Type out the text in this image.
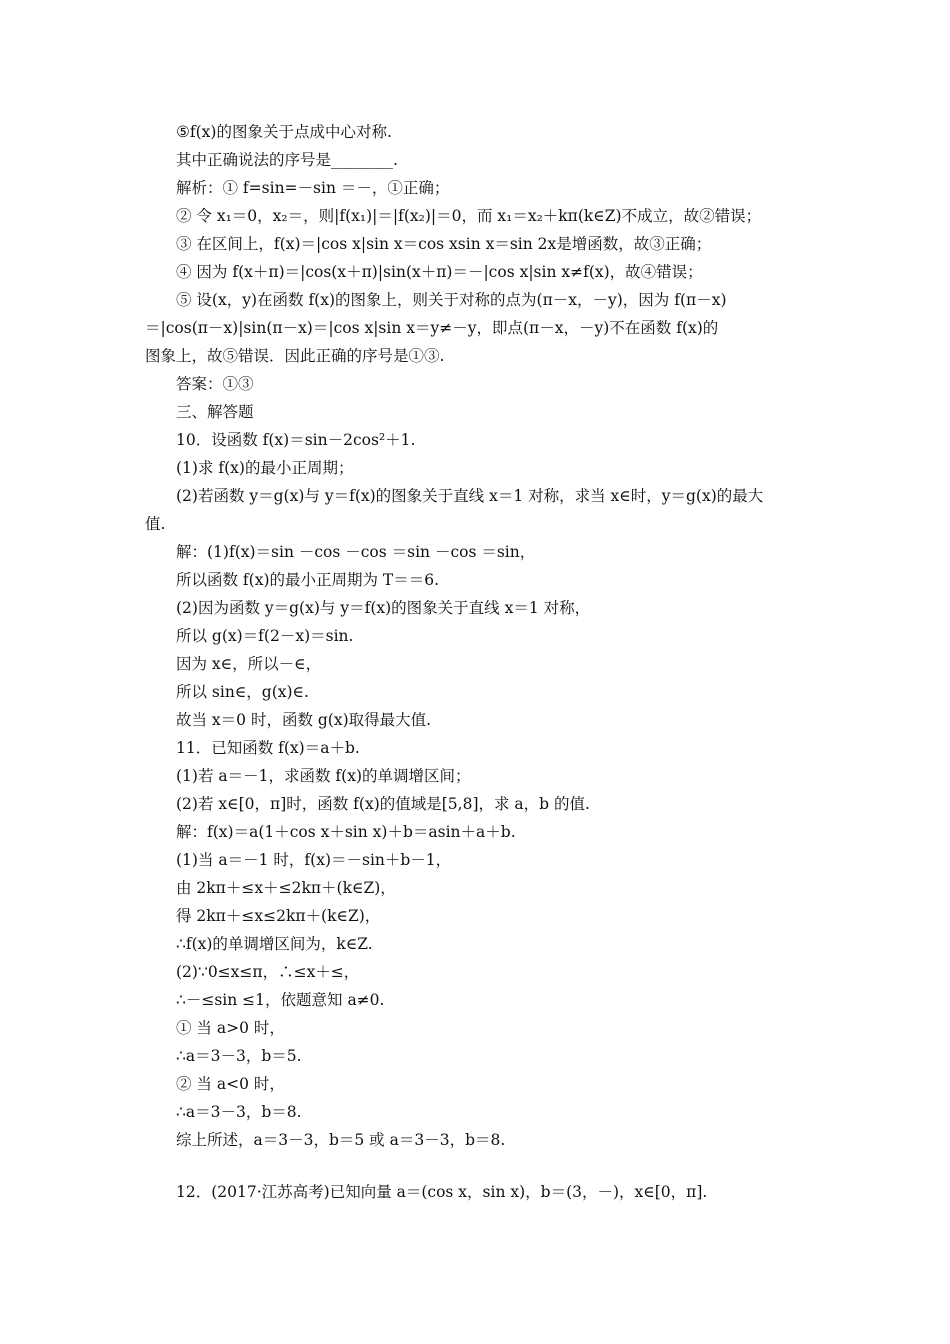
⑤f(x)的图象关于点成中心对称.
其中正确说法的序号是________.
解析：① f=sin=－sin ＝－，①正确；
② 令 x₁＝0，x₂＝，则|f(x₁)|＝|f(x₂)|＝0，而 x₁＝x₂＋kπ(k∈Z)不成立，故②错误；
③ 在区间上，f(x)＝|cos x|sin x＝cos xsin x＝sin 2x是增函数，故③正确；
④ 因为 f(x＋π)＝|cos(x＋π)|sin(x＋π)＝－|cos x|sin x≠f(x)，故④错误；
⑤ 设(x，y)在函数 f(x)的图象上，则关于对称的点为(π－x，－y)，因为 f(π－x)
＝|cos(π－x)|sin(π－x)＝|cos x|sin x＝y≠－y，即点(π－x，－y)不在函数 f(x)的
图象上，故⑤错误．因此正确的序号是①③.
答案：①③
三、解答题
10．设函数 f(x)＝sin－2cos²＋1.
(1)求 f(x)的最小正周期；
(2)若函数 y＝g(x)与 y＝f(x)的图象关于直线 x＝1 对称，求当 x∈时，y＝g(x)的最大
值.
解：(1)f(x)＝sin －cos －cos ＝sin －cos ＝sin，
所以函数 f(x)的最小正周期为 T＝＝6.
(2)因为函数 y＝g(x)与 y＝f(x)的图象关于直线 x＝1 对称，
所以 g(x)＝f(2－x)＝sin.
因为 x∈，所以－∈，
所以 sin∈，g(x)∈.
故当 x＝0 时，函数 g(x)取得最大值.
11．已知函数 f(x)＝a＋b.
(1)若 a＝－1，求函数 f(x)的单调增区间；
(2)若 x∈[0，π]时，函数 f(x)的值域是[5,8]，求 a，b 的值.
解：f(x)＝a(1＋cos x＋sin x)＋b＝asin＋a＋b.
(1)当 a＝－1 时，f(x)＝－sin＋b－1，
由 2kπ＋≤x＋≤2kπ＋(k∈Z)，
得 2kπ＋≤x≤2kπ＋(k∈Z)，
∴f(x)的单调增区间为，k∈Z.
(2)∵0≤x≤π，∴≤x＋≤，
∴－≤sin ≤1，依题意知 a≠0.
① 当 a>0 时，
∴a＝3－3，b＝5.
② 当 a<0 时，
∴a＝3－3，b＝8.
综上所述，a＝3－3，b＝5 或 a＝3－3，b＝8.
12．(2017·江苏高考)已知向量 a＝(cos x，sin x)，b＝(3，－)，x∈[0，π].
